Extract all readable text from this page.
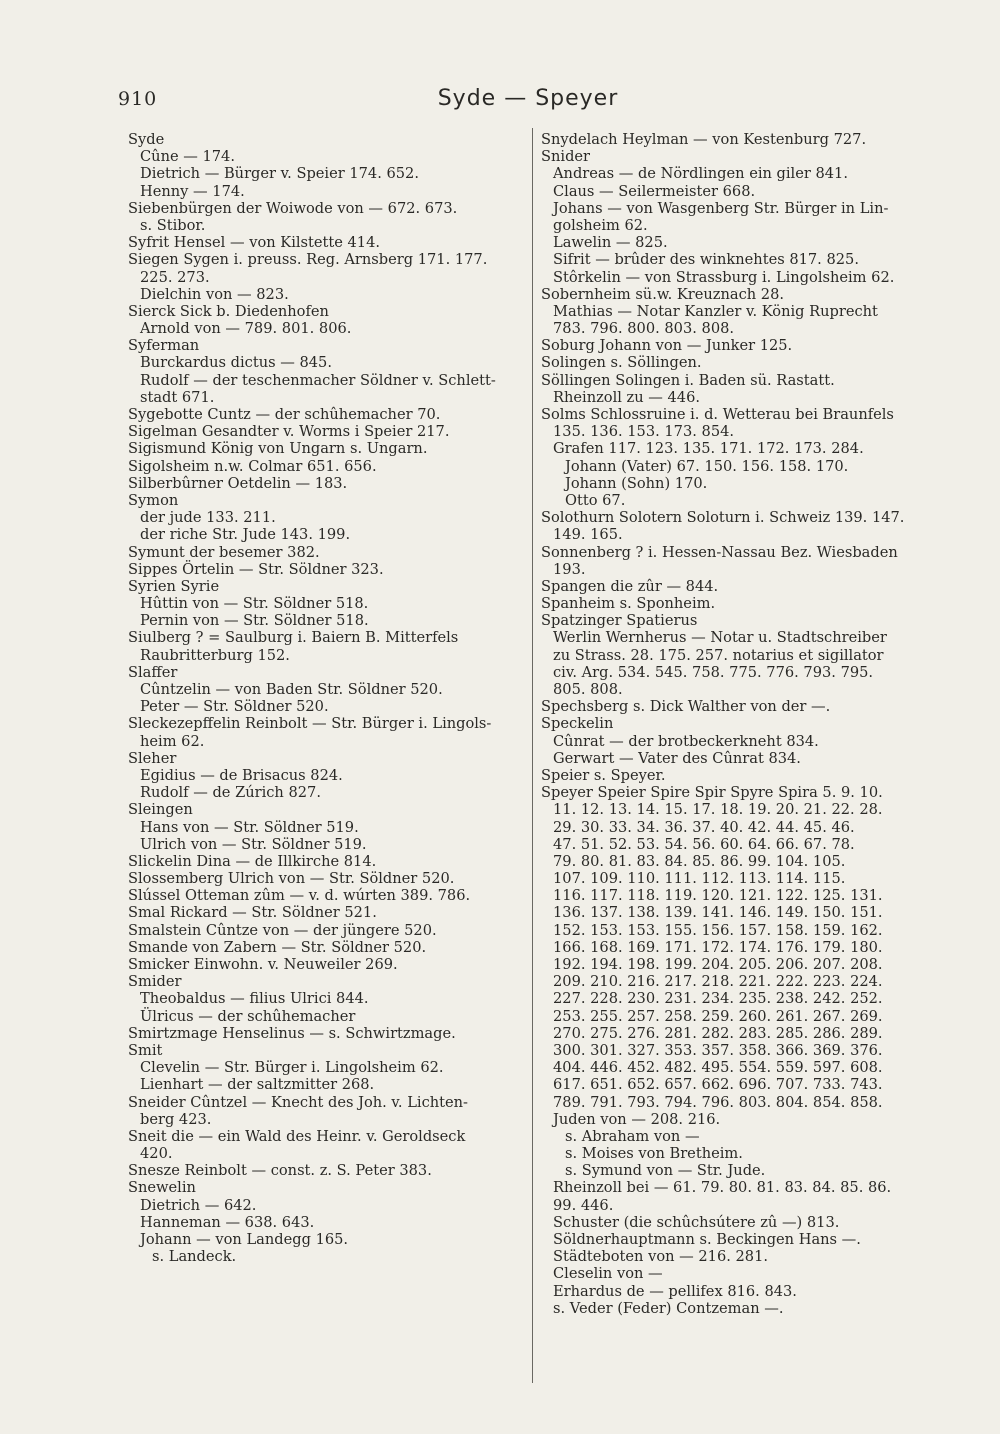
910	Syde — Speyer
Syde
Cûne — 174.
Dietrich — Bürger v. Speier 174. 652.
Henny — 174.
Siebenbürgen der Woiwode von — 672. 673.
s. Stibor.
Syfrit Hensel — von Kilstette 414.
Siegen Sygen i. preuss. Reg. Arnsberg 171. 177.
225. 273.
Dielchin von — 823.
Sierck Sick b. Diedenhofen
Arnold von — 789. 801. 806.
Syferman
Burckardus dictus — 845.
Rudolf — der teschenmacher Söldner v. Schlett-
stadt 671.
Sygebotte Cuntz — der schûhemacher 70.
Sigelman Gesandter v. Worms i Speier 217.
Sigismund König von Ungarn s. Ungarn.
Sigolsheim n.w. Colmar 651. 656.
Silberbûrner Oetdelin — 183.
Symon
der jude 133. 211.
der riche Str. Jude 143. 199.
Symunt der besemer 382.
Sippes Örtelin — Str. Söldner 323.
Syrien Syrie
Hûttin von — Str. Söldner 518.
Pernin von — Str. Söldner 518.
Siulberg ? = Saulburg i. Baiern B. Mitterfels
Raubritterburg 152.
Slaffer
Cûntzelin — von Baden Str. Söldner 520.
Peter — Str. Söldner 520.
Sleckezepffelin Reinbolt — Str. Bürger i. Lingols-
heim 62.
Sleher
Egidius — de Brisacus 824.
Rudolf — de Zúrich 827.
Sleingen
Hans von — Str. Söldner 519.
Ulrich von — Str. Söldner 519.
Slickelin Dina — de Illkirche 814.
Slossemberg Ulrich von — Str. Söldner 520.
Slússel Otteman zûm — v. d. wúrten 389. 786.
Smal Rickard — Str. Söldner 521.
Smalstein Cûntze von — der jüngere 520.
Smande von Zabern — Str. Söldner 520.
Smicker Einwohn. v. Neuweiler 269.
Smider
Theobaldus — filius Ulrici 844.
Ülricus — der schûhemacher
Smirtzmage Henselinus — s. Schwirtzmage.
Smit
Clevelin — Str. Bürger i. Lingolsheim 62.
Lienhart — der saltzmitter 268.
Sneider Cûntzel — Knecht des Joh. v. Lichten-
berg 423.
Sneit die — ein Wald des Heinr. v. Geroldseck
420.
Snesze Reinbolt — const. z. S. Peter 383.
Snewelin
Dietrich — 642.
Hanneman — 638. 643.
Johann — von Landegg 165.
s. Landeck.
Snydelach Heylman — von Kestenburg 727.
Snider
Andreas — de Nördlingen ein giler 841.
Claus — Seilermeister 668.
Johans — von Wasgenberg Str. Bürger in Lin-
golsheim 62.
Lawelin — 825.
Sifrit — brûder des winknehtes 817. 825.
Stôrkelin — von Strassburg i. Lingolsheim 62.
Sobernheim sü.w. Kreuznach 28.
Mathias — Notar Kanzler v. König Ruprecht
783. 796. 800. 803. 808.
Soburg Johann von — Junker 125.
Solingen s. Söllingen.
Söllingen Solingen i. Baden sü. Rastatt.
Rheinzoll zu — 446.
Solms Schlossruine i. d. Wetterau bei Braunfels
135. 136. 153. 173. 854.
Grafen 117. 123. 135. 171. 172. 173. 284.
Johann (Vater) 67. 150. 156. 158. 170.
Johann (Sohn) 170.
Otto 67.
Solothurn Solotern Soloturn i. Schweiz 139. 147.
149. 165.
Sonnenberg ? i. Hessen-Nassau Bez. Wiesbaden
193.
Spangen die zûr — 844.
Spanheim s. Sponheim.
Spatzinger Spatierus
Werlin Wernherus — Notar u. Stadtschreiber
zu Strass. 28. 175. 257. notarius et sigillator
civ. Arg. 534. 545. 758. 775. 776. 793. 795.
805. 808.
Spechsberg s. Dick Walther von der —.
Speckelin
Cûnrat — der brotbeckerkneht 834.
Gerwart — Vater des Cûnrat 834.
Speier s. Speyer.
Speyer Speier Spire Spir Spyre Spira 5. 9. 10.
11. 12. 13. 14. 15. 17. 18. 19. 20. 21. 22. 28.
29. 30. 33. 34. 36. 37. 40. 42. 44. 45. 46.
47. 51. 52. 53. 54. 56. 60. 64. 66. 67. 78.
79. 80. 81. 83. 84. 85. 86. 99. 104. 105.
107. 109. 110. 111. 112. 113. 114. 115.
116. 117. 118. 119. 120. 121. 122. 125. 131.
136. 137. 138. 139. 141. 146. 149. 150. 151.
152. 153. 153. 155. 156. 157. 158. 159. 162.
166. 168. 169. 171. 172. 174. 176. 179. 180.
192. 194. 198. 199. 204. 205. 206. 207. 208.
209. 210. 216. 217. 218. 221. 222. 223. 224.
227. 228. 230. 231. 234. 235. 238. 242. 252.
253. 255. 257. 258. 259. 260. 261. 267. 269.
270. 275. 276. 281. 282. 283. 285. 286. 289.
300. 301. 327. 353. 357. 358. 366. 369. 376.
404. 446. 452. 482. 495. 554. 559. 597. 608.
617. 651. 652. 657. 662. 696. 707. 733. 743.
789. 791. 793. 794. 796. 803. 804. 854. 858.
Juden von — 208. 216.
s. Abraham von —
s. Moises von Bretheim.
s. Symund von — Str. Jude.
Rheinzoll bei — 61. 79. 80. 81. 83. 84. 85. 86.
99. 446.
Schuster (die schûchsútere zû —) 813.
Söldnerhauptmann s. Beckingen Hans —.
Städteboten von — 216. 281.
Cleselin von —
Erhardus de — pellifex 816. 843.
s. Veder (Feder) Contzeman —.
